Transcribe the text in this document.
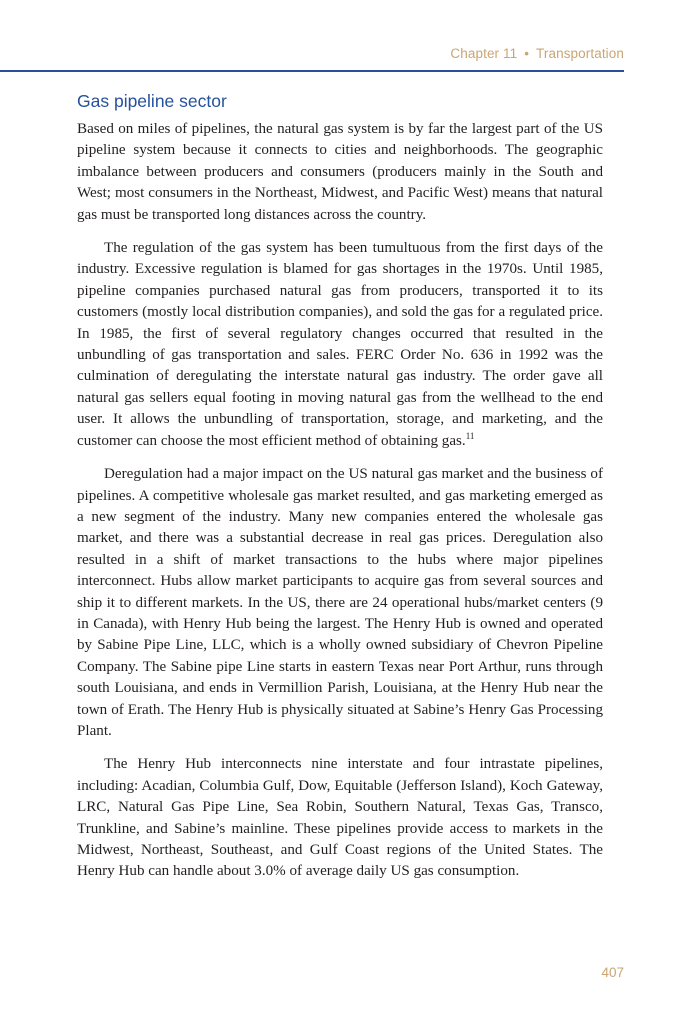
Chapter 11 • Transportation
Gas pipeline sector

Based on miles of pipelines, the natural gas system is by far the largest part of the US pipeline system because it connects to cities and neighborhoods. The geographic imbalance between producers and consumers (producers mainly in the South and West; most consumers in the Northeast, Midwest, and Pacific West) means that natural gas must be transported long distances across the country.

The regulation of the gas system has been tumultuous from the first days of the industry. Excessive regulation is blamed for gas shortages in the 1970s. Until 1985, pipeline companies purchased natural gas from producers, transported it to its customers (mostly local distribution companies), and sold the gas for a regulated price. In 1985, the first of several regulatory changes occurred that resulted in the unbundling of gas transportation and sales. FERC Order No. 636 in 1992 was the culmination of deregulating the interstate natural gas industry. The order gave all natural gas sellers equal footing in moving natural gas from the wellhead to the end user. It allows the unbundling of transportation, storage, and marketing, and the customer can choose the most efficient method of obtaining gas.$^{11}$

Deregulation had a major impact on the US natural gas market and the business of pipelines. A competitive wholesale gas market resulted, and gas marketing emerged as a new segment of the industry. Many new companies entered the wholesale gas market, and there was a substantial decrease in real gas prices. Deregulation also resulted in a shift of market transactions to the hubs where major pipelines interconnect. Hubs allow market participants to acquire gas from several sources and ship it to different markets. In the US, there are 24 operational hubs/market centers (9 in Canada), with Henry Hub being the largest. The Henry Hub is owned and operated by Sabine Pipe Line, LLC, which is a wholly owned subsidiary of Chevron Pipeline Company. The Sabine pipe Line starts in eastern Texas near Port Arthur, runs through south Louisiana, and ends in Vermillion Parish, Louisiana, at the Henry Hub near the town of Erath. The Henry Hub is physically situated at Sabine’s Henry Gas Processing Plant.

The Henry Hub interconnects nine interstate and four intrastate pipelines, including: Acadian, Columbia Gulf, Dow, Equitable (Jefferson Island), Koch Gateway, LRC, Natural Gas Pipe Line, Sea Robin, Southern Natural, Texas Gas, Transco, Trunkline, and Sabine’s mainline. These pipelines provide access to markets in the Midwest, Northeast, Southeast, and Gulf Coast regions of the United States. The Henry Hub can handle about 3.0% of average daily US gas consumption.

407
